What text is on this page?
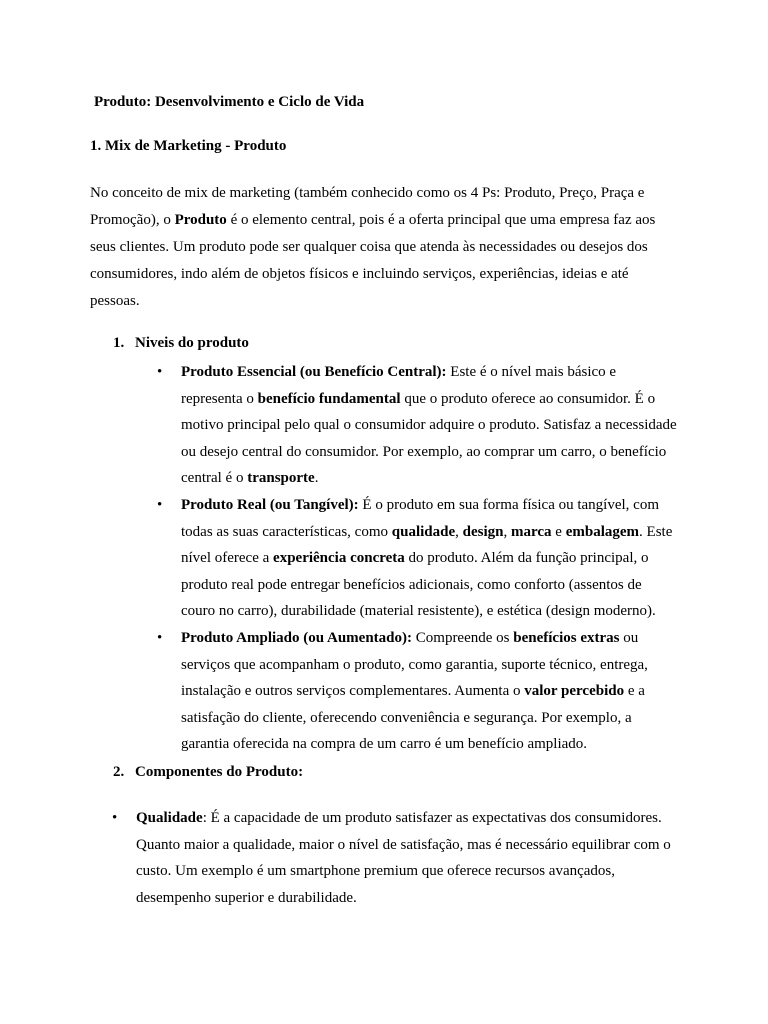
Produto: Desenvolvimento e Ciclo de Vida

1. Mix de Marketing - Produto

No conceito de mix de marketing (também conhecido como os 4 Ps: Produto, Preço, Praça e Promoção), o Produto é o elemento central, pois é a oferta principal que uma empresa faz aos seus clientes. Um produto pode ser qualquer coisa que atenda às necessidades ou desejos dos consumidores, indo além de objetos físicos e incluindo serviços, experiências, ideias e até pessoas.

1. Niveis do produto
• Produto Essencial (ou Benefício Central): Este é o nível mais básico e representa o benefício fundamental que o produto oferece ao consumidor. É o motivo principal pelo qual o consumidor adquire o produto. Satisfaz a necessidade ou desejo central do consumidor. Por exemplo, ao comprar um carro, o benefício central é o transporte.
• Produto Real (ou Tangível): É o produto em sua forma física ou tangível, com todas as suas características, como qualidade, design, marca e embalagem. Este nível oferece a experiência concreta do produto. Além da função principal, o produto real pode entregar benefícios adicionais, como conforto (assentos de couro no carro), durabilidade (material resistente), e estética (design moderno).
• Produto Ampliado (ou Aumentado): Compreende os benefícios extras ou serviços que acompanham o produto, como garantia, suporte técnico, entrega, instalação e outros serviços complementares. Aumenta o valor percebido e a satisfação do cliente, oferecendo conveniência e segurança. Por exemplo, a garantia oferecida na compra de um carro é um benefício ampliado.
2. Componentes do Produto:
• Qualidade: É a capacidade de um produto satisfazer as expectativas dos consumidores. Quanto maior a qualidade, maior o nível de satisfação, mas é necessário equilibrar com o custo. Um exemplo é um smartphone premium que oferece recursos avançados, desempenho superior e durabilidade.
